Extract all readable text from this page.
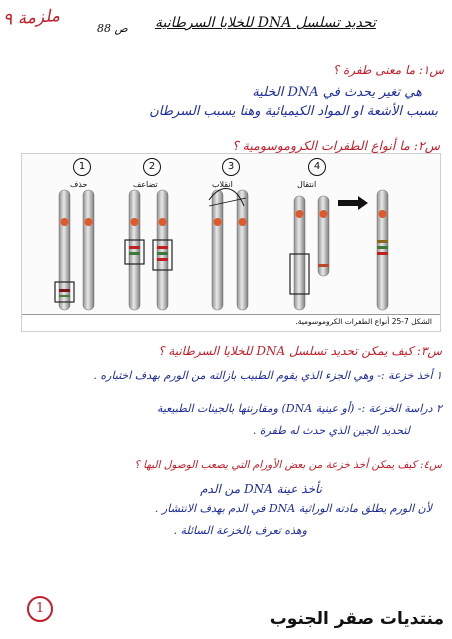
ملزمة ٩	ص 88 تحديد تسلسل DNA للخلايا السرطانية
س١: ما معنى طفرة ؟
هي تغير يحدث في DNA الخلية
بسبب الأشعة او المواد الكيميائية وهنا يسبب السرطان
س٢: ما أنواع الطفرات الكروموسومية ؟
1	2	3	4
حذف	تضاعف	انقلاب	انتقال
الشكل 7-25 أنواع الطفرات الكروموسومية.
س٣: كيف يمكن تحديد تسلسل DNA للخلايا السرطانية ؟
١ أخذ خزعة :- وهي الجزء الذي يقوم الطبيب بازالته من الورم بهدف اختباره .
٢ دراسة الخزعة :- (أو عينية DNA) ومقارنتها بالجينات الطبيعية
لتحديد الجين الذي حدث له طفرة .
س٤: كيف يمكن أخذ خزعة من بعض الأورام التي يصعب الوصول اليها ؟
نأخذ عينة DNA من الدم
لأن الورم يطلق مادته الوراثية DNA في الدم بهدف الانتشار .
وهذه تعرف بالخزعة السائلة .
1
منتديات صقر الجنوب
